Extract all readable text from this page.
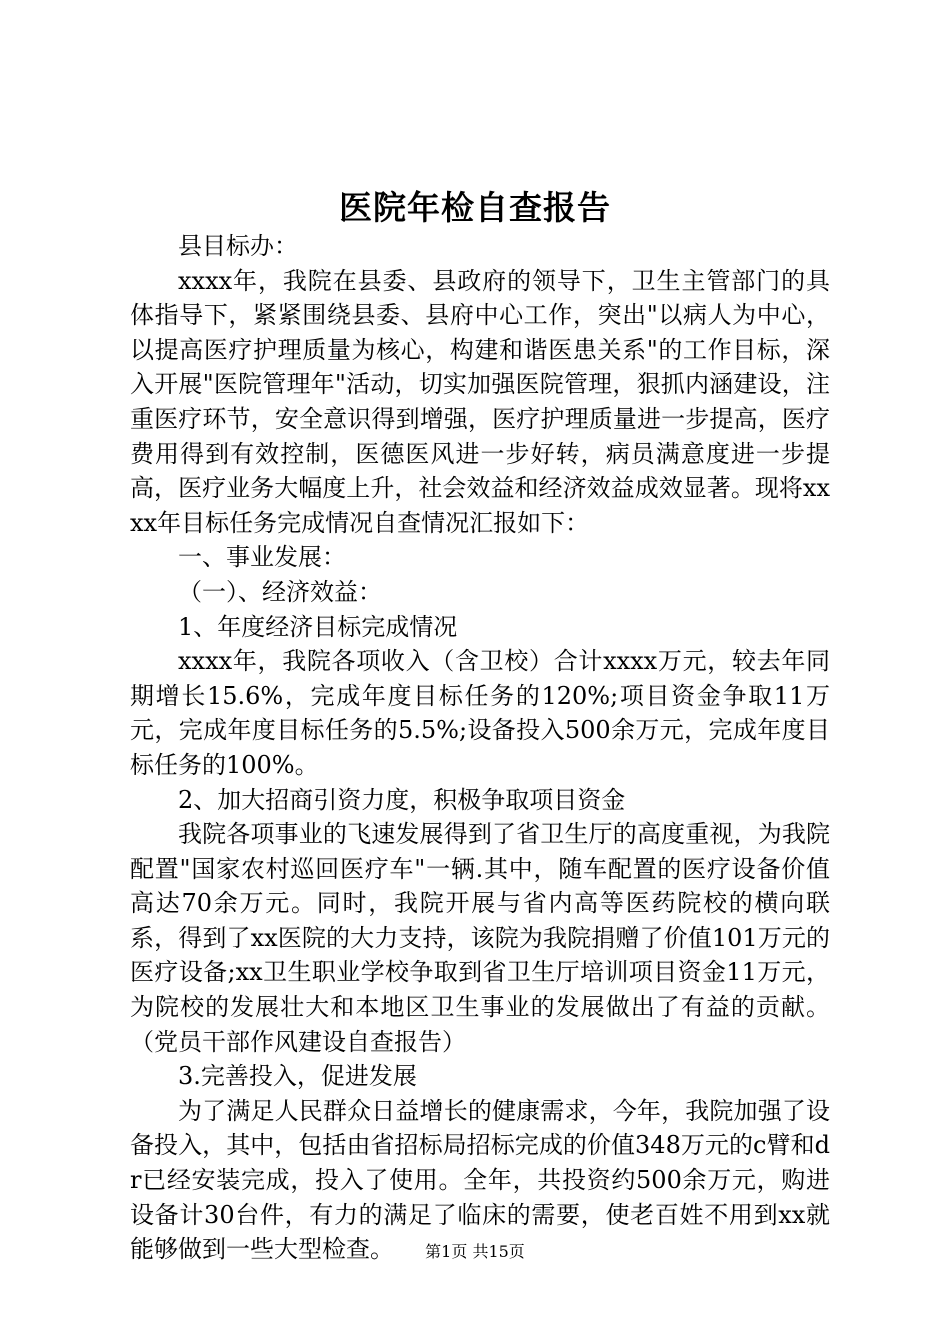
医院年检自查报告

县目标办：

xxxx年，我院在县委、县政府的领导下，卫生主管部门的具体指导下，紧紧围绕县委、县府中心工作，突出"以病人为中心，以提高医疗护理质量为核心，构建和谐医患关系"的工作目标，深入开展"医院管理年"活动，切实加强医院管理，狠抓内涵建设，注重医疗环节，安全意识得到增强，医疗护理质量进一步提高，医疗费用得到有效控制，医德医风进一步好转，病员满意度进一步提高，医疗业务大幅度上升，社会效益和经济效益成效显著。现将xxxx年目标任务完成情况自查情况汇报如下：

一、事业发展：

（一）、经济效益：

1、年度经济目标完成情况

xxxx年，我院各项收入（含卫校）合计xxxx万元，较去年同期增长15.6%，完成年度目标任务的120%;项目资金争取11万元，完成年度目标任务的5.5%;设备投入500余万元，完成年度目标任务的100%。

2、加大招商引资力度，积极争取项目资金

我院各项事业的飞速发展得到了省卫生厅的高度重视，为我院配置"国家农村巡回医疗车"一辆.其中，随车配置的医疗设备价值高达70余万元。同时，我院开展与省内高等医药院校的横向联系，得到了xx医院的大力支持，该院为我院捐赠了价值101万元的医疗设备;xx卫生职业学校争取到省卫生厅培训项目资金11万元，为院校的发展壮大和本地区卫生事业的发展做出了有益的贡献。（党员干部作风建设自查报告）

3.完善投入，促进发展

为了满足人民群众日益增长的健康需求，今年，我院加强了设备投入，其中，包括由省招标局招标完成的价值348万元的c臂和dr已经安装完成，投入了使用。全年，共投资约500余万元，购进设备计30台件，有力的满足了临床的需要，使老百姓不用到xx就能够做到一些大型检查。	第1页 共15页
